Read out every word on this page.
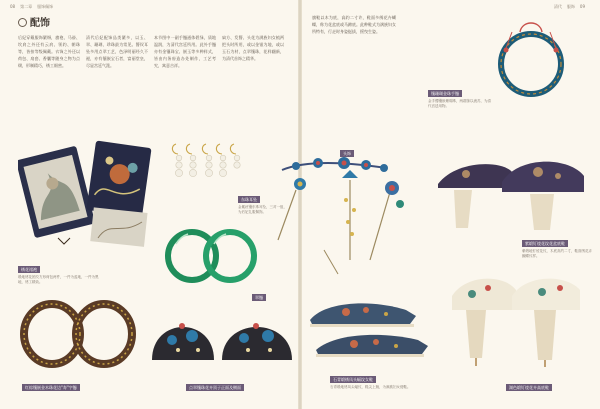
08 第二章 服饰佩饰	清代 服饰 09
配饰
后妃穿戴服饰繁缛，旗袍、马褂、坎肩之外还有云肩、领约、朝珠等，皆按等级佩戴。衣饰之外还以荷包、扇套、香囊等随身之物为点缀，形制精巧，绣工细密。
清代后妃配饰品类繁多，以玉、翠、珊瑚、珍珠最为常见。簪钗耳坠多用点翠工艺，色泽明丽经久不褪，亦有镶嵌宝石者，富丽堂皇，尽显宫廷气派。
本节图中一副手镯通体碧绿，质地温润，为清代宫廷所用。此外手镯亦有金镶珠宝、嵌玉等多种样式，皆由内务府造办处制作，工艺考究，寓意吉祥。
扁方、发簪、头花为满族妇女梳两把头时所用，或以金银为地，或以玉石为材，点翠镶珠，花样翻新，为清代首饰之精华。
旗鞋以木为底，高约二寸许，鞋面多绣花卉蝴蝶，称为花盆底或马蹄底。此种鞋式为满族妇女所特有，行走时身姿挺拔，摇曳生姿。
绣花裙袍
缎地绣花团纹方形荷包两件，一件为蓝地，一件为黑地，绣工精致。
东珠耳坠
金累丝镶东珠耳坠，三对一组，为后妃礼服佩饰。
翠镯
头饰
镶珊瑚金珠手镯
金手镯镶嵌珊瑚珠，两端饰以流苏，为清代宫廷用物。
紫缎钉绫花纹花盆底鞋
紫缎地钉绫花纹，木底高约二寸，鞋面绣花卉蝴蝶纹样。
红棕镶嵌金木珠花边"寿"字镯	点翠镶珠花卉顶子正面及侧面
石青缎绣凤头蝠纹女鞋
石青缎地绣凤头蝠纹，鞋尖上翘，为满族妇女便鞋。	湖色缎钉绫花卉高底鞋
